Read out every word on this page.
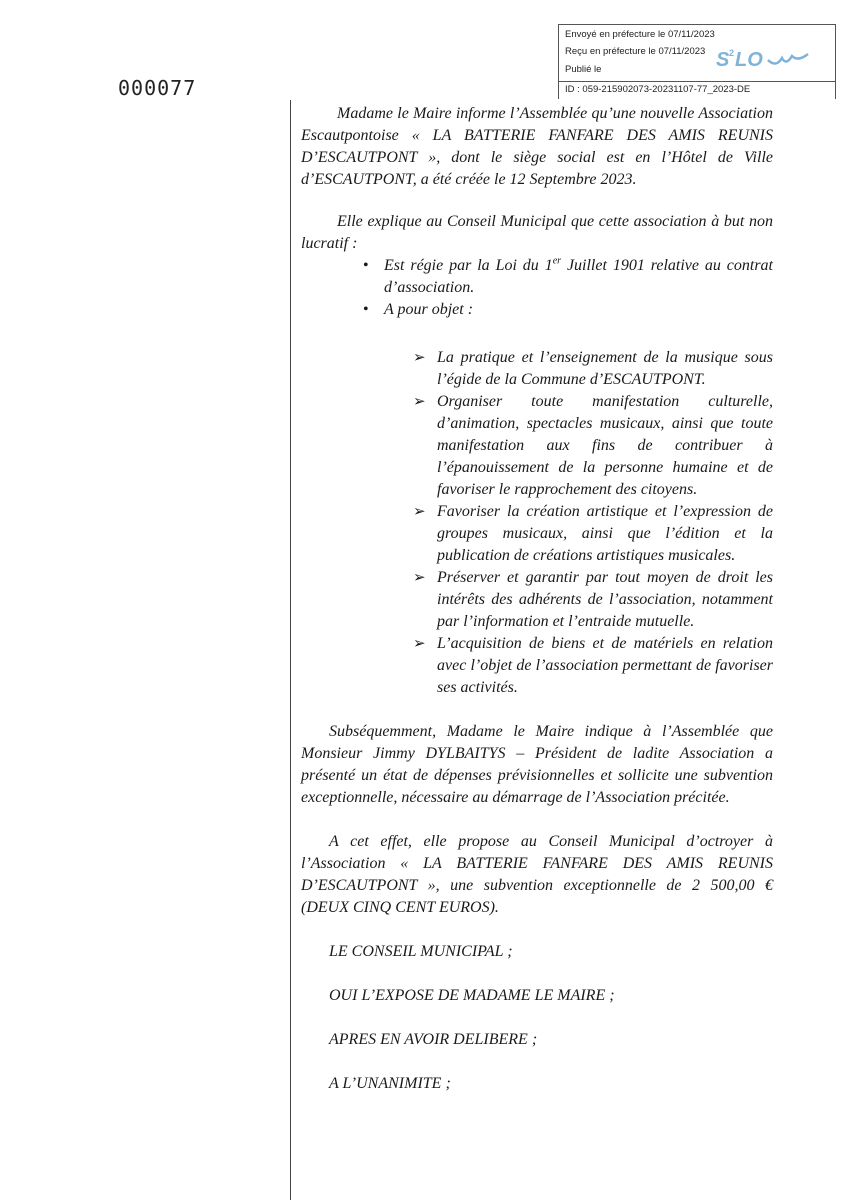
Envoyé en préfecture le 07/11/2023
Reçu en préfecture le 07/11/2023
Publié le
ID : 059-215902073-20231107-77_2023-DE
S 2 LO
000077

Madame le Maire informe l’Assemblée qu’une nouvelle Association Escautpontoise « LA BATTERIE FANFARE DES AMIS REUNIS D’ESCAUTPONT », dont le siège social est en l’Hôtel de Ville d’ESCAUTPONT, a été créée le 12 Septembre 2023.

Elle explique au Conseil Municipal que cette association à but non lucratif :

• Est régie par la Loi du 1er Juillet 1901 relative au contrat d’association.
• A pour objet :
➢ La pratique et l’enseignement de la musique sous l’égide de la Commune d’ESCAUTPONT.
➢ Organiser toute manifestation culturelle, d’animation, spectacles musicaux, ainsi que toute manifestation aux fins de contribuer à l’épanouissement de la personne humaine et de favoriser le rapprochement des citoyens.
➢ Favoriser la création artistique et l’expression de groupes musicaux, ainsi que l’édition et la publication de créations artistiques musicales.
➢ Préserver et garantir par tout moyen de droit les intérêts des adhérents de l’association, notamment par l’information et l’entraide mutuelle.
➢ L’acquisition de biens et de matériels en relation avec l’objet de l’association permettant de favoriser ses activités.

Subséquemment, Madame le Maire indique à l’Assemblée que Monsieur Jimmy DYLBAITYS – Président de ladite Association a présenté un état de dépenses prévisionnelles et sollicite une subvention exceptionnelle, nécessaire au démarrage de l’Association précitée.

A cet effet, elle propose au Conseil Municipal d’octroyer à l’Association « LA BATTERIE FANFARE DES AMIS REUNIS D’ESCAUTPONT », une subvention exceptionnelle de 2 500,00 € (DEUX CINQ CENT EUROS).

LE CONSEIL MUNICIPAL ;

OUI L’EXPOSE DE MADAME LE MAIRE ;

APRES EN AVOIR DELIBERE ;

A L’UNANIMITE ;
